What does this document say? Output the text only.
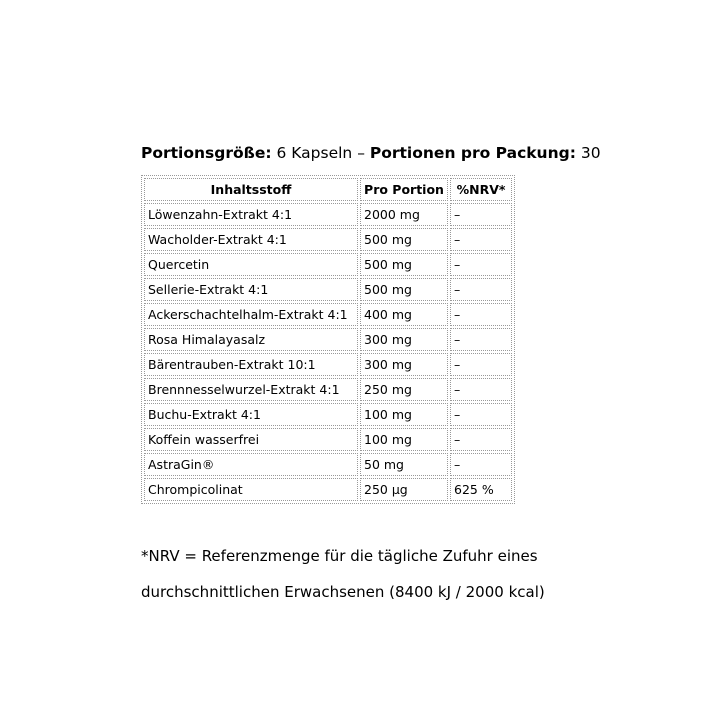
Portionsgröße: 6 Kapseln – Portionen pro Packung: 30
Inhaltsstoff	Pro Portion	%NRV*
Löwenzahn-Extrakt 4:1	2000 mg	–
Wacholder-Extrakt 4:1	500 mg	–
Quercetin	500 mg	–
Sellerie-Extrakt 4:1	500 mg	–
Ackerschachtelhalm-Extrakt 4:1	400 mg	–
Rosa Himalayasalz	300 mg	–
Bärentrauben-Extrakt 10:1	300 mg	–
Brennnesselwurzel-Extrakt 4:1	250 mg	–
Buchu-Extrakt 4:1	100 mg	–
Koffein wasserfrei	100 mg	–
AstraGin®	50 mg	–
Chrompicolinat	250 µg	625 %
*NRV = Referenzmenge für die tägliche Zufuhr eines
durchschnittlichen Erwachsenen (8400 kJ / 2000 kcal)
